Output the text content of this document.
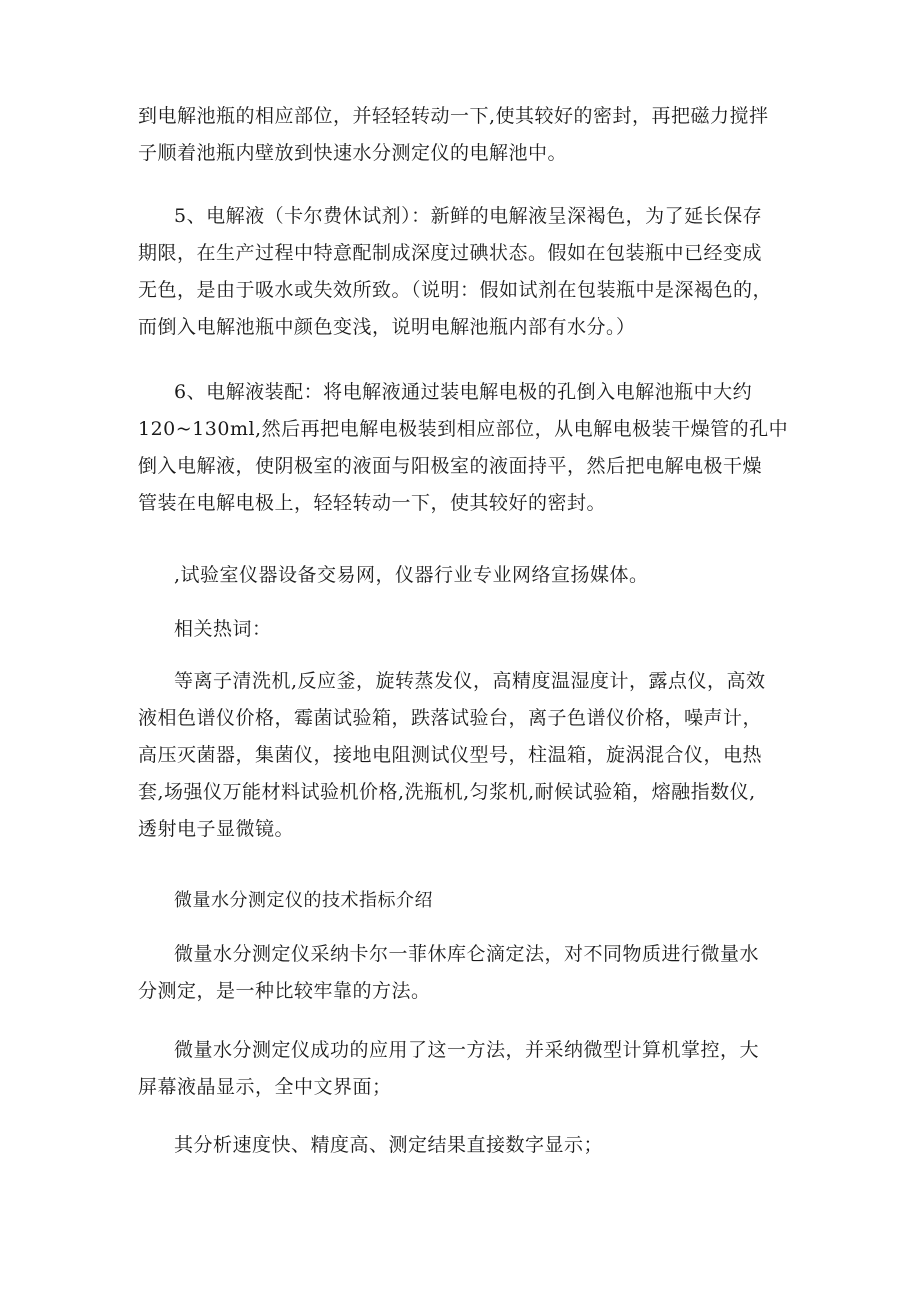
到电解池瓶的相应部位，并轻轻转动一下,使其较好的密封，再把磁力搅拌
子顺着池瓶内壁放到快速水分测定仪的电解池中。
5、电解液（卡尔费休试剂）：新鲜的电解液呈深褐色，为了延长保存
期限，在生产过程中特意配制成深度过碘状态。假如在包装瓶中已经变成
无色，是由于吸水或失效所致。（说明：假如试剂在包装瓶中是深褐色的，
而倒入电解池瓶中颜色变浅，说明电解池瓶内部有水分。）
6、电解液装配：将电解液通过装电解电极的孔倒入电解池瓶中大约
120~130ml,然后再把电解电极装到相应部位，从电解电极装干燥管的孔中
倒入电解液，使阴极室的液面与阳极室的液面持平，然后把电解电极干燥
管装在电解电极上，轻轻转动一下，使其较好的密封。
,试验室仪器设备交易网，仪器行业专业网络宣扬媒体。
相关热词：
等离子清洗机,反应釜，旋转蒸发仪，高精度温湿度计，露点仪，高效
液相色谱仪价格，霉菌试验箱，跌落试验台，离子色谱仪价格，噪声计，
高压灭菌器，集菌仪，接地电阻测试仪型号，柱温箱，旋涡混合仪，电热
套,场强仪万能材料试验机价格,洗瓶机,匀浆机,耐候试验箱，熔融指数仪,
透射电子显微镜。
微量水分测定仪的技术指标介绍
微量水分测定仪采纳卡尔一菲休库仑滴定法，对不同物质进行微量水
分测定，是一种比较牢靠的方法。
微量水分测定仪成功的应用了这一方法，并采纳微型计算机掌控，大
屏幕液晶显示，全中文界面；
其分析速度快、精度高、测定结果直接数字显示；
